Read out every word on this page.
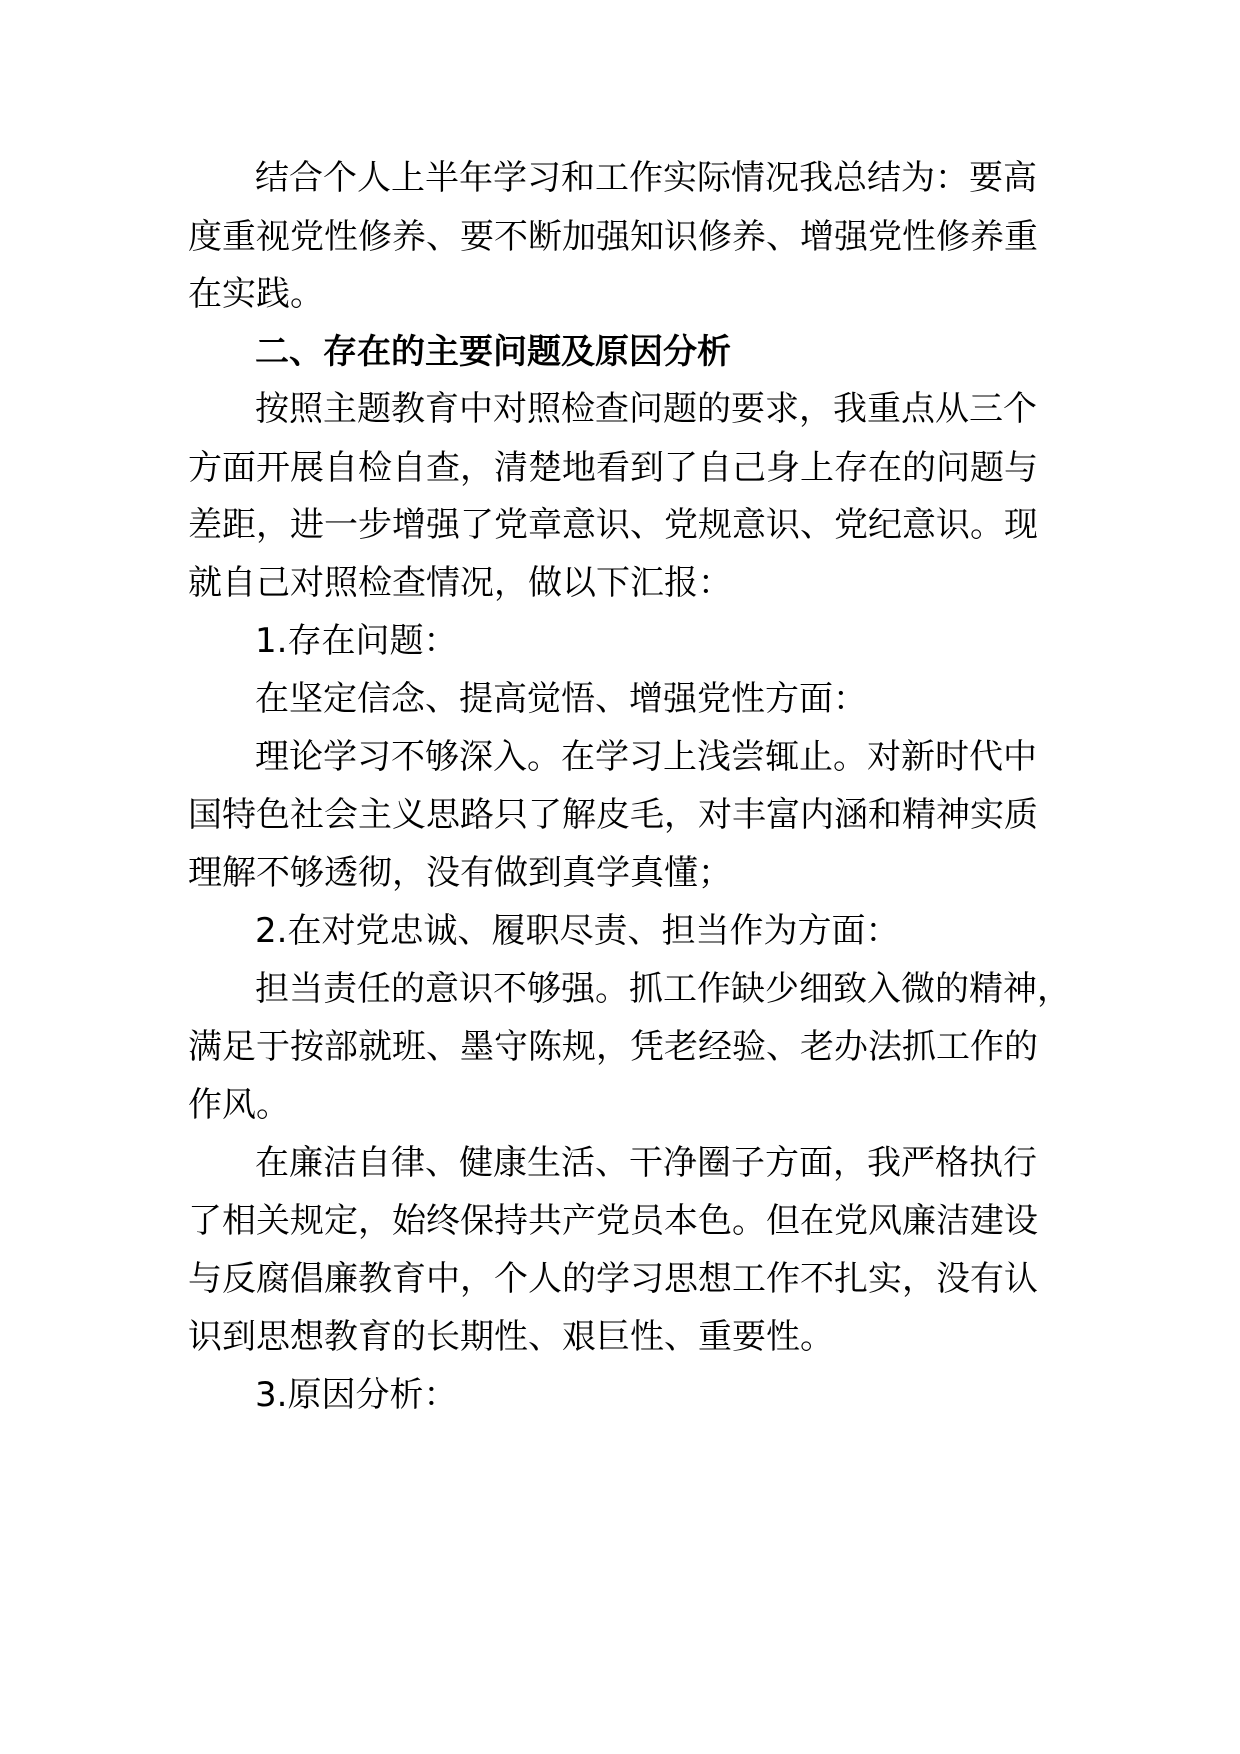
结合个人上半年学习和工作实际情况我总结为：要高
度重视党性修养、要不断加强知识修养、增强党性修养重
在实践。
二、存在的主要问题及原因分析
按照主题教育中对照检查问题的要求，我重点从三个
方面开展自检自查，清楚地看到了自己身上存在的问题与
差距，进一步增强了党章意识、党规意识、党纪意识。现
就自己对照检查情况，做以下汇报：
1.存在问题：
在坚定信念、提高觉悟、增强党性方面：
理论学习不够深入。在学习上浅尝辄止。对新时代中
国特色社会主义思路只了解皮毛，对丰富内涵和精神实质
理解不够透彻，没有做到真学真懂；
2.在对党忠诚、履职尽责、担当作为方面：
担当责任的意识不够强。抓工作缺少细致入微的精神，
满足于按部就班、墨守陈规，凭老经验、老办法抓工作的
作风。
在廉洁自律、健康生活、干净圈子方面，我严格执行
了相关规定，始终保持共产党员本色。但在党风廉洁建设
与反腐倡廉教育中，个人的学习思想工作不扎实，没有认
识到思想教育的长期性、艰巨性、重要性。
3.原因分析：
